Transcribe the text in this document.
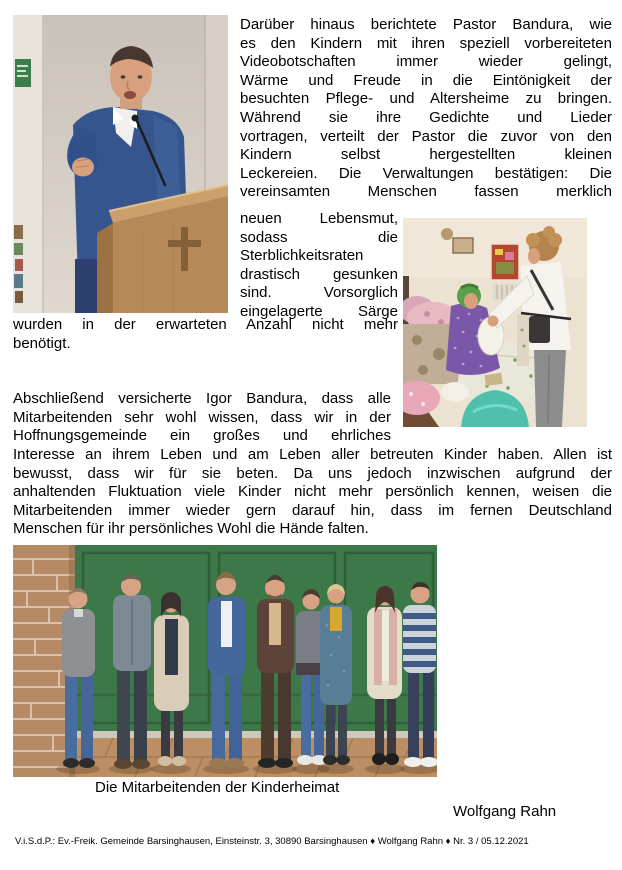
Darüber hinaus berichtete Pastor Bandura, wie
es den Kindern mit ihren speziell vorbereiteten
Videobotschaften immer wieder gelingt,
Wärme und Freude in die Eintönigkeit der
besuchten Pflege- und Altersheime zu bringen.
Während sie ihre Gedichte und Lieder
vortragen, verteilt der Pastor die zuvor von den
Kindern selbst hergestellten kleinen
Leckereien. Die Verwaltungen bestätigen: Die
vereinsamten Menschen fassen merklich
neuen Lebensmut,
sodass die
Sterblichkeitsraten
drastisch gesunken
sind. Vorsorglich
eingelagerte Särge
wurden in der erwarteten Anzahl nicht mehr
benötigt.
Abschließend versicherte Igor Bandura, dass alle
Mitarbeitenden sehr wohl wissen, dass wir in der
Hoffnungsgemeinde ein großes und ehrliches
Interesse an ihrem Leben und am Leben aller betreuten Kinder haben. Allen ist
bewusst, dass wir für sie beten. Da uns jedoch inzwischen aufgrund der
anhaltenden Fluktuation viele Kinder nicht mehr persönlich kennen, weisen die
Mitarbeitenden immer wieder gern darauf hin, dass im fernen Deutschland
Menschen für ihr persönliches Wohl die Hände falten.
Die Mitarbeitenden der Kinderheimat
Wolfgang Rahn
V.i.S.d.P.: Ev.-Freik. Gemeinde Barsinghausen, Einsteinstr. 3, 30890 Barsinghausen ♦ Wolfgang Rahn ♦ Nr. 3 / 05.12.2021
